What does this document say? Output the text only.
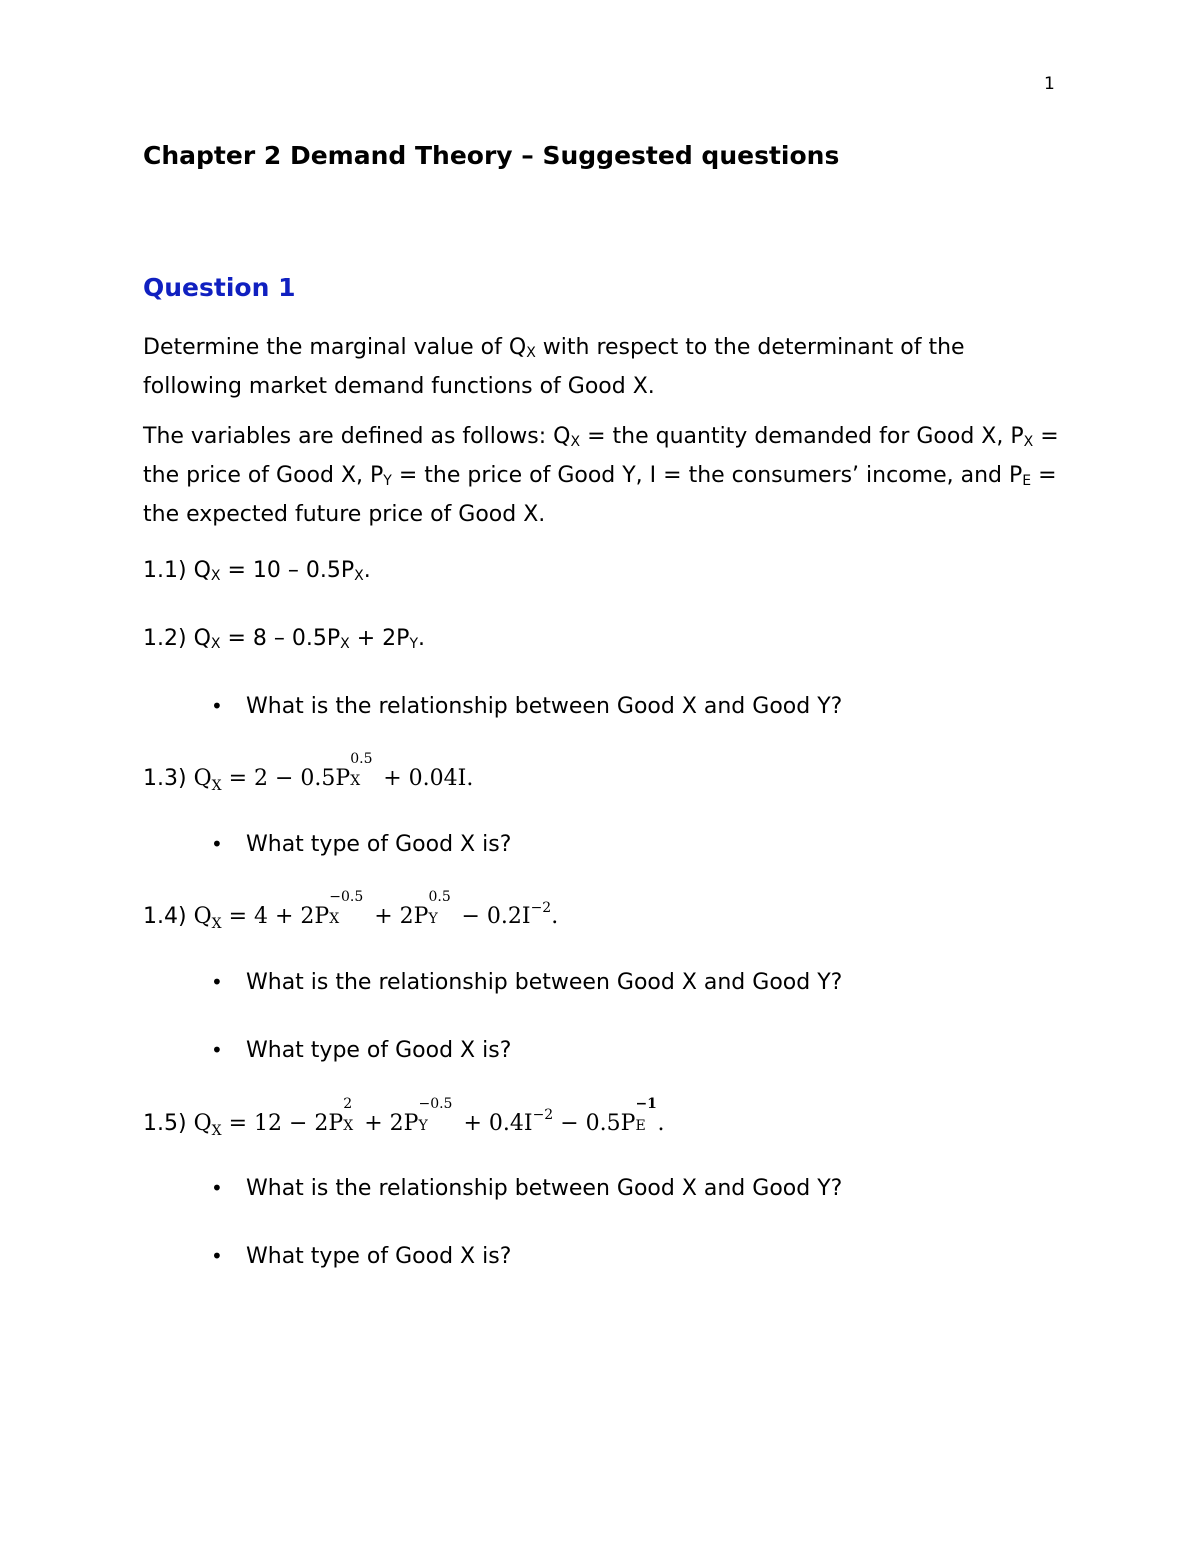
1
Chapter 2 Demand Theory – Suggested questions
Question 1

Determine the marginal value of $Q_X$ with respect to the determinant of the following market demand functions of Good X.

The variables are defined as follows: $Q_X$ = the quantity demanded for Good X, $P_X$ = the price of Good X, $P_Y$ = the price of Good Y, I = the consumers’ income, and $P_E$ = the expected future price of Good X.

1.1) $Q_X = 10 - 0.5P_X$.

1.2) $Q_X = 8 - 0.5P_X + 2P_Y$.

• What is the relationship between Good X and Good Y?

1.3) $Q_X = 2 - 0.5P$
0.5
X + 0.04I.

• What type of Good X is?

1.4) $Q_X = 4 + 2P$
−0.5
X + 2P
0.5
$Y - 0.2I^{-2}$.

• What is the relationship between Good X and Good Y?

• What type of Good X is?

1.5) $Q_X = 12 - 2P$
2
X + 2P
−0.5
$Y + 0.4I^{-2} - 0.5P$
−1
E .

• What is the relationship between Good X and Good Y?

• What type of Good X is?
